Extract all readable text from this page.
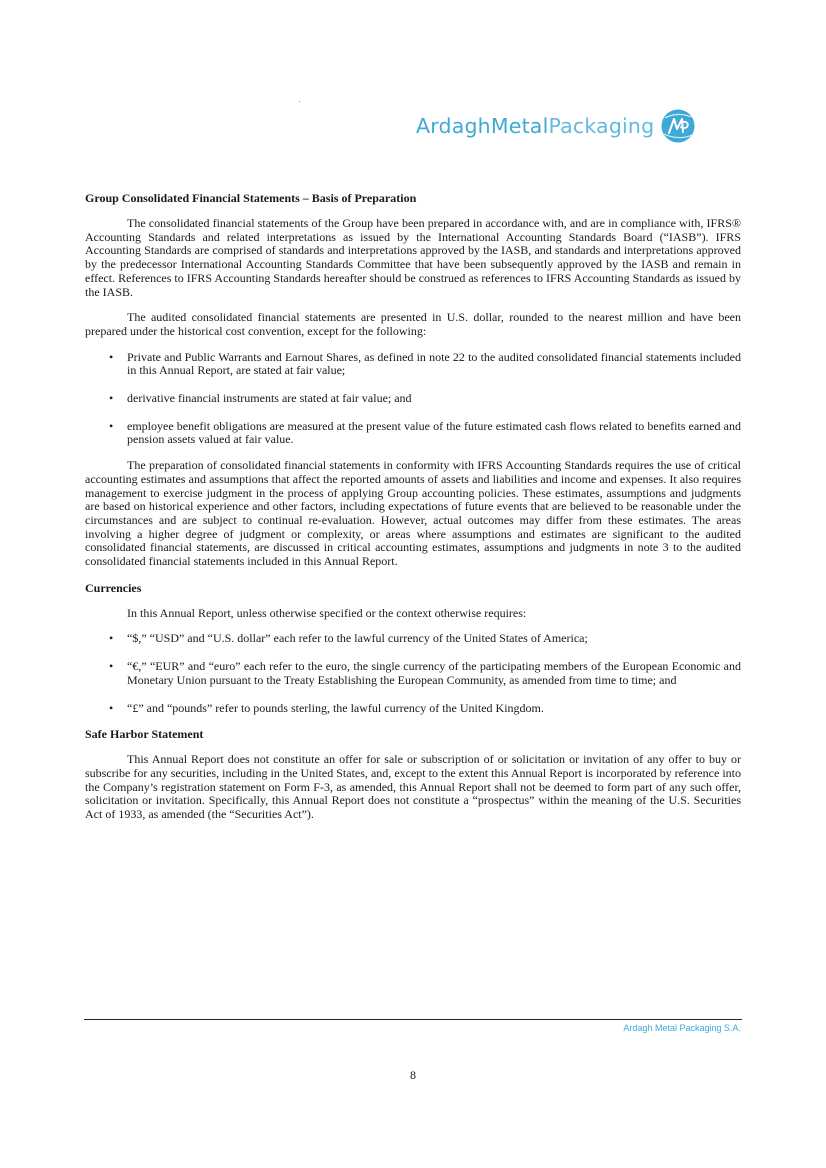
ArdaghMetalPackaging
Group Consolidated Financial Statements – Basis of Preparation

The consolidated financial statements of the Group have been prepared in accordance with, and are in compliance with, IFRS® Accounting Standards and related interpretations as issued by the International Accounting Standards Board (“IASB”). IFRS Accounting Standards are comprised of standards and interpretations approved by the IASB, and standards and interpretations approved by the predecessor International Accounting Standards Committee that have been subsequently approved by the IASB and remain in effect. References to IFRS Accounting Standards hereafter should be construed as references to IFRS Accounting Standards as issued by the IASB.

The audited consolidated financial statements are presented in U.S. dollar, rounded to the nearest million and have been prepared under the historical cost convention, except for the following:

• Private and Public Warrants and Earnout Shares, as defined in note 22 to the audited consolidated financial statements included in this Annual Report, are stated at fair value;
• derivative financial instruments are stated at fair value; and
• employee benefit obligations are measured at the present value of the future estimated cash flows related to benefits earned and pension assets valued at fair value.

The preparation of consolidated financial statements in conformity with IFRS Accounting Standards requires the use of critical accounting estimates and assumptions that affect the reported amounts of assets and liabilities and income and expenses. It also requires management to exercise judgment in the process of applying Group accounting policies. These estimates, assumptions and judgments are based on historical experience and other factors, including expectations of future events that are believed to be reasonable under the circumstances and are subject to continual re-evaluation. However, actual outcomes may differ from these estimates. The areas involving a higher degree of judgment or complexity, or areas where assumptions and estimates are significant to the audited consolidated financial statements, are discussed in critical accounting estimates, assumptions and judgments in note 3 to the audited consolidated financial statements included in this Annual Report.

Currencies

In this Annual Report, unless otherwise specified or the context otherwise requires:

• “$,” “USD” and “U.S. dollar” each refer to the lawful currency of the United States of America;
• “€,” “EUR” and “euro” each refer to the euro, the single currency of the participating members of the European Economic and Monetary Union pursuant to the Treaty Establishing the European Community, as amended from time to time; and
• “£” and “pounds” refer to pounds sterling, the lawful currency of the United Kingdom.
Safe Harbor Statement

This Annual Report does not constitute an offer for sale or subscription of or solicitation or invitation of any offer to buy or subscribe for any securities, including in the United States, and, except to the extent this Annual Report is incorporated by reference into the Company’s registration statement on Form F-3, as amended, this Annual Report shall not be deemed to form part of any such offer, solicitation or invitation. Specifically, this Annual Report does not constitute a “prospectus” within the meaning of the U.S. Securities Act of 1933, as amended (the “Securities Act”).

Ardagh Metal Packaging S.A.
8
